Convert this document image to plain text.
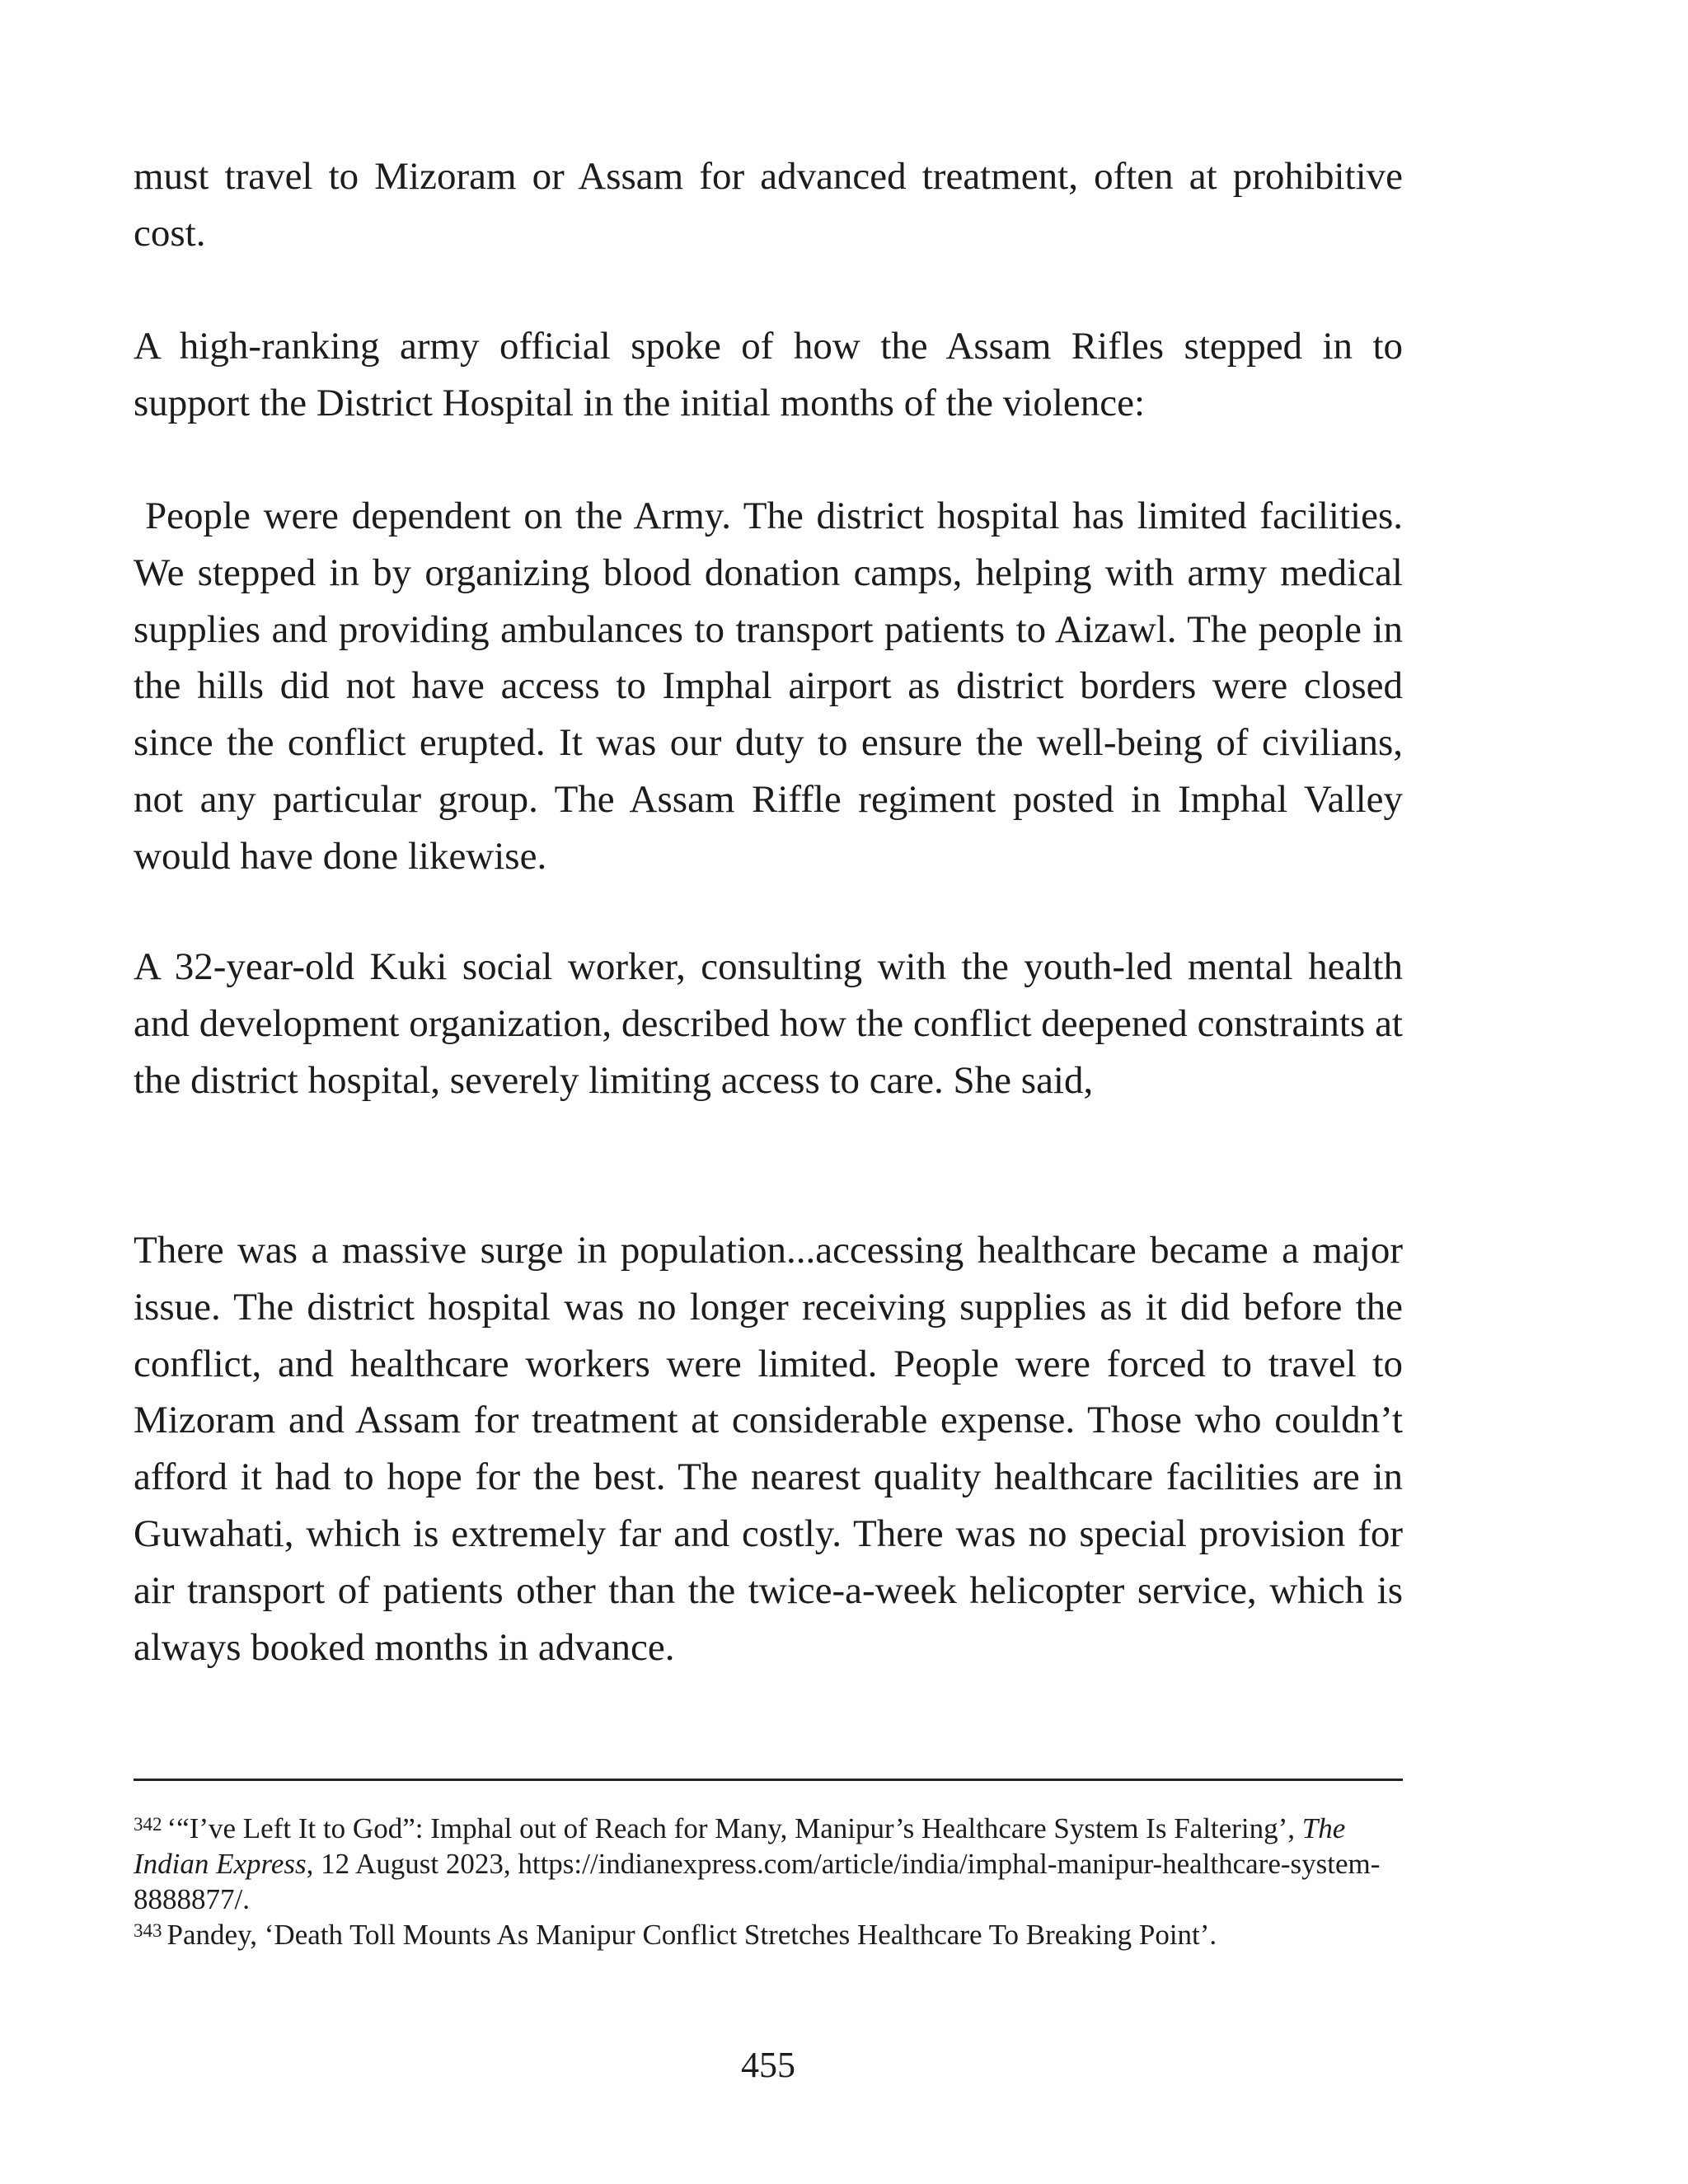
must travel to Mizoram or Assam for advanced treatment, often at prohibitive cost.

A high-ranking army official spoke of how the Assam Rifles stepped in to support the District Hospital in the initial months of the violence:

People were dependent on the Army. The district hospital has limited facilities. We stepped in by organizing blood donation camps, helping with army medical supplies and providing ambulances to transport patients to Aizawl. The people in the hills did not have access to Imphal airport as district borders were closed since the conflict erupted. It was our duty to ensure the well-being of civilians, not any particular group. The Assam Riffle regiment posted in Imphal Valley would have done likewise.

A 32-year-old Kuki social worker, consulting with the youth-led mental health and development organization, described how the conflict deepened constraints at the district hospital, severely limiting access to care. She said,

There was a massive surge in population...accessing healthcare became a major issue. The district hospital was no longer receiving supplies as it did before the conflict, and healthcare workers were limited. People were forced to travel to Mizoram and Assam for treatment at considerable expense. Those who couldn’t afford it had to hope for the best. The nearest quality healthcare facilities are in Guwahati, which is extremely far and costly. There was no special provision for air transport of patients other than the twice-a-week helicopter service, which is always booked months in advance.

$^{342}$ ‘“I’ve Left It to God”: Imphal out of Reach for Many, Manipur’s Healthcare System Is Faltering’, The Indian Express, 12 August 2023, https://indianexpress.com/article/india/imphal-manipur-healthcare-system-8888877/.

$^{343}$ Pandey, ‘Death Toll Mounts As Manipur Conflict Stretches Healthcare To Breaking Point’.

455
